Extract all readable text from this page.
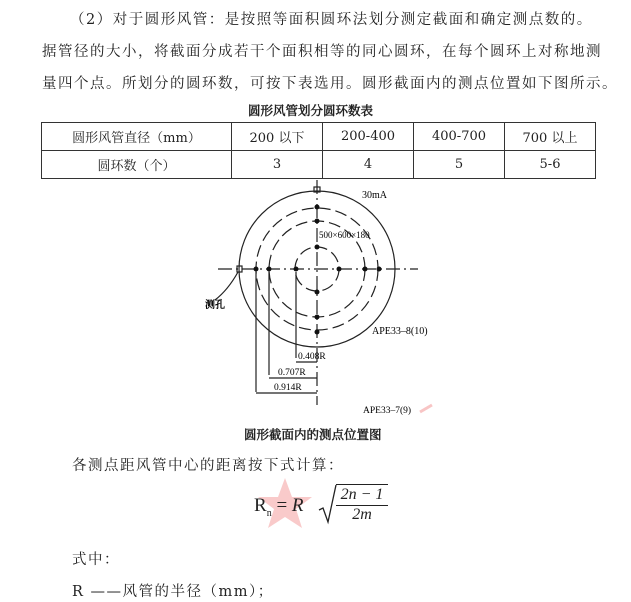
（2）对于圆形风管：是按照等面积圆环法划分测定截面和确定测点数的。
据管径的大小，将截面分成若干个面积相等的同心圆环，在每个圆环上对称地测
量四个点。所划分的圆环数，可按下表选用。圆形截面内的测点位置如下图所示。
圆形风管划分圆环数表
圆形风管直径（mm）	200 以下	200-400	400-700	700 以上
圆环数（个）	3	4	5	5-6
30mA
500×600×180
测孔
APE33–8(10)
0.408R
0.707R
0.914R
APE33–7(9)
圆形截面内的测点位置图
各测点距风管中心的距离按下式计算：
$R_n = R \frac{2n - 1}{2m}$
式中：
R ——风管的半径（mm）；
